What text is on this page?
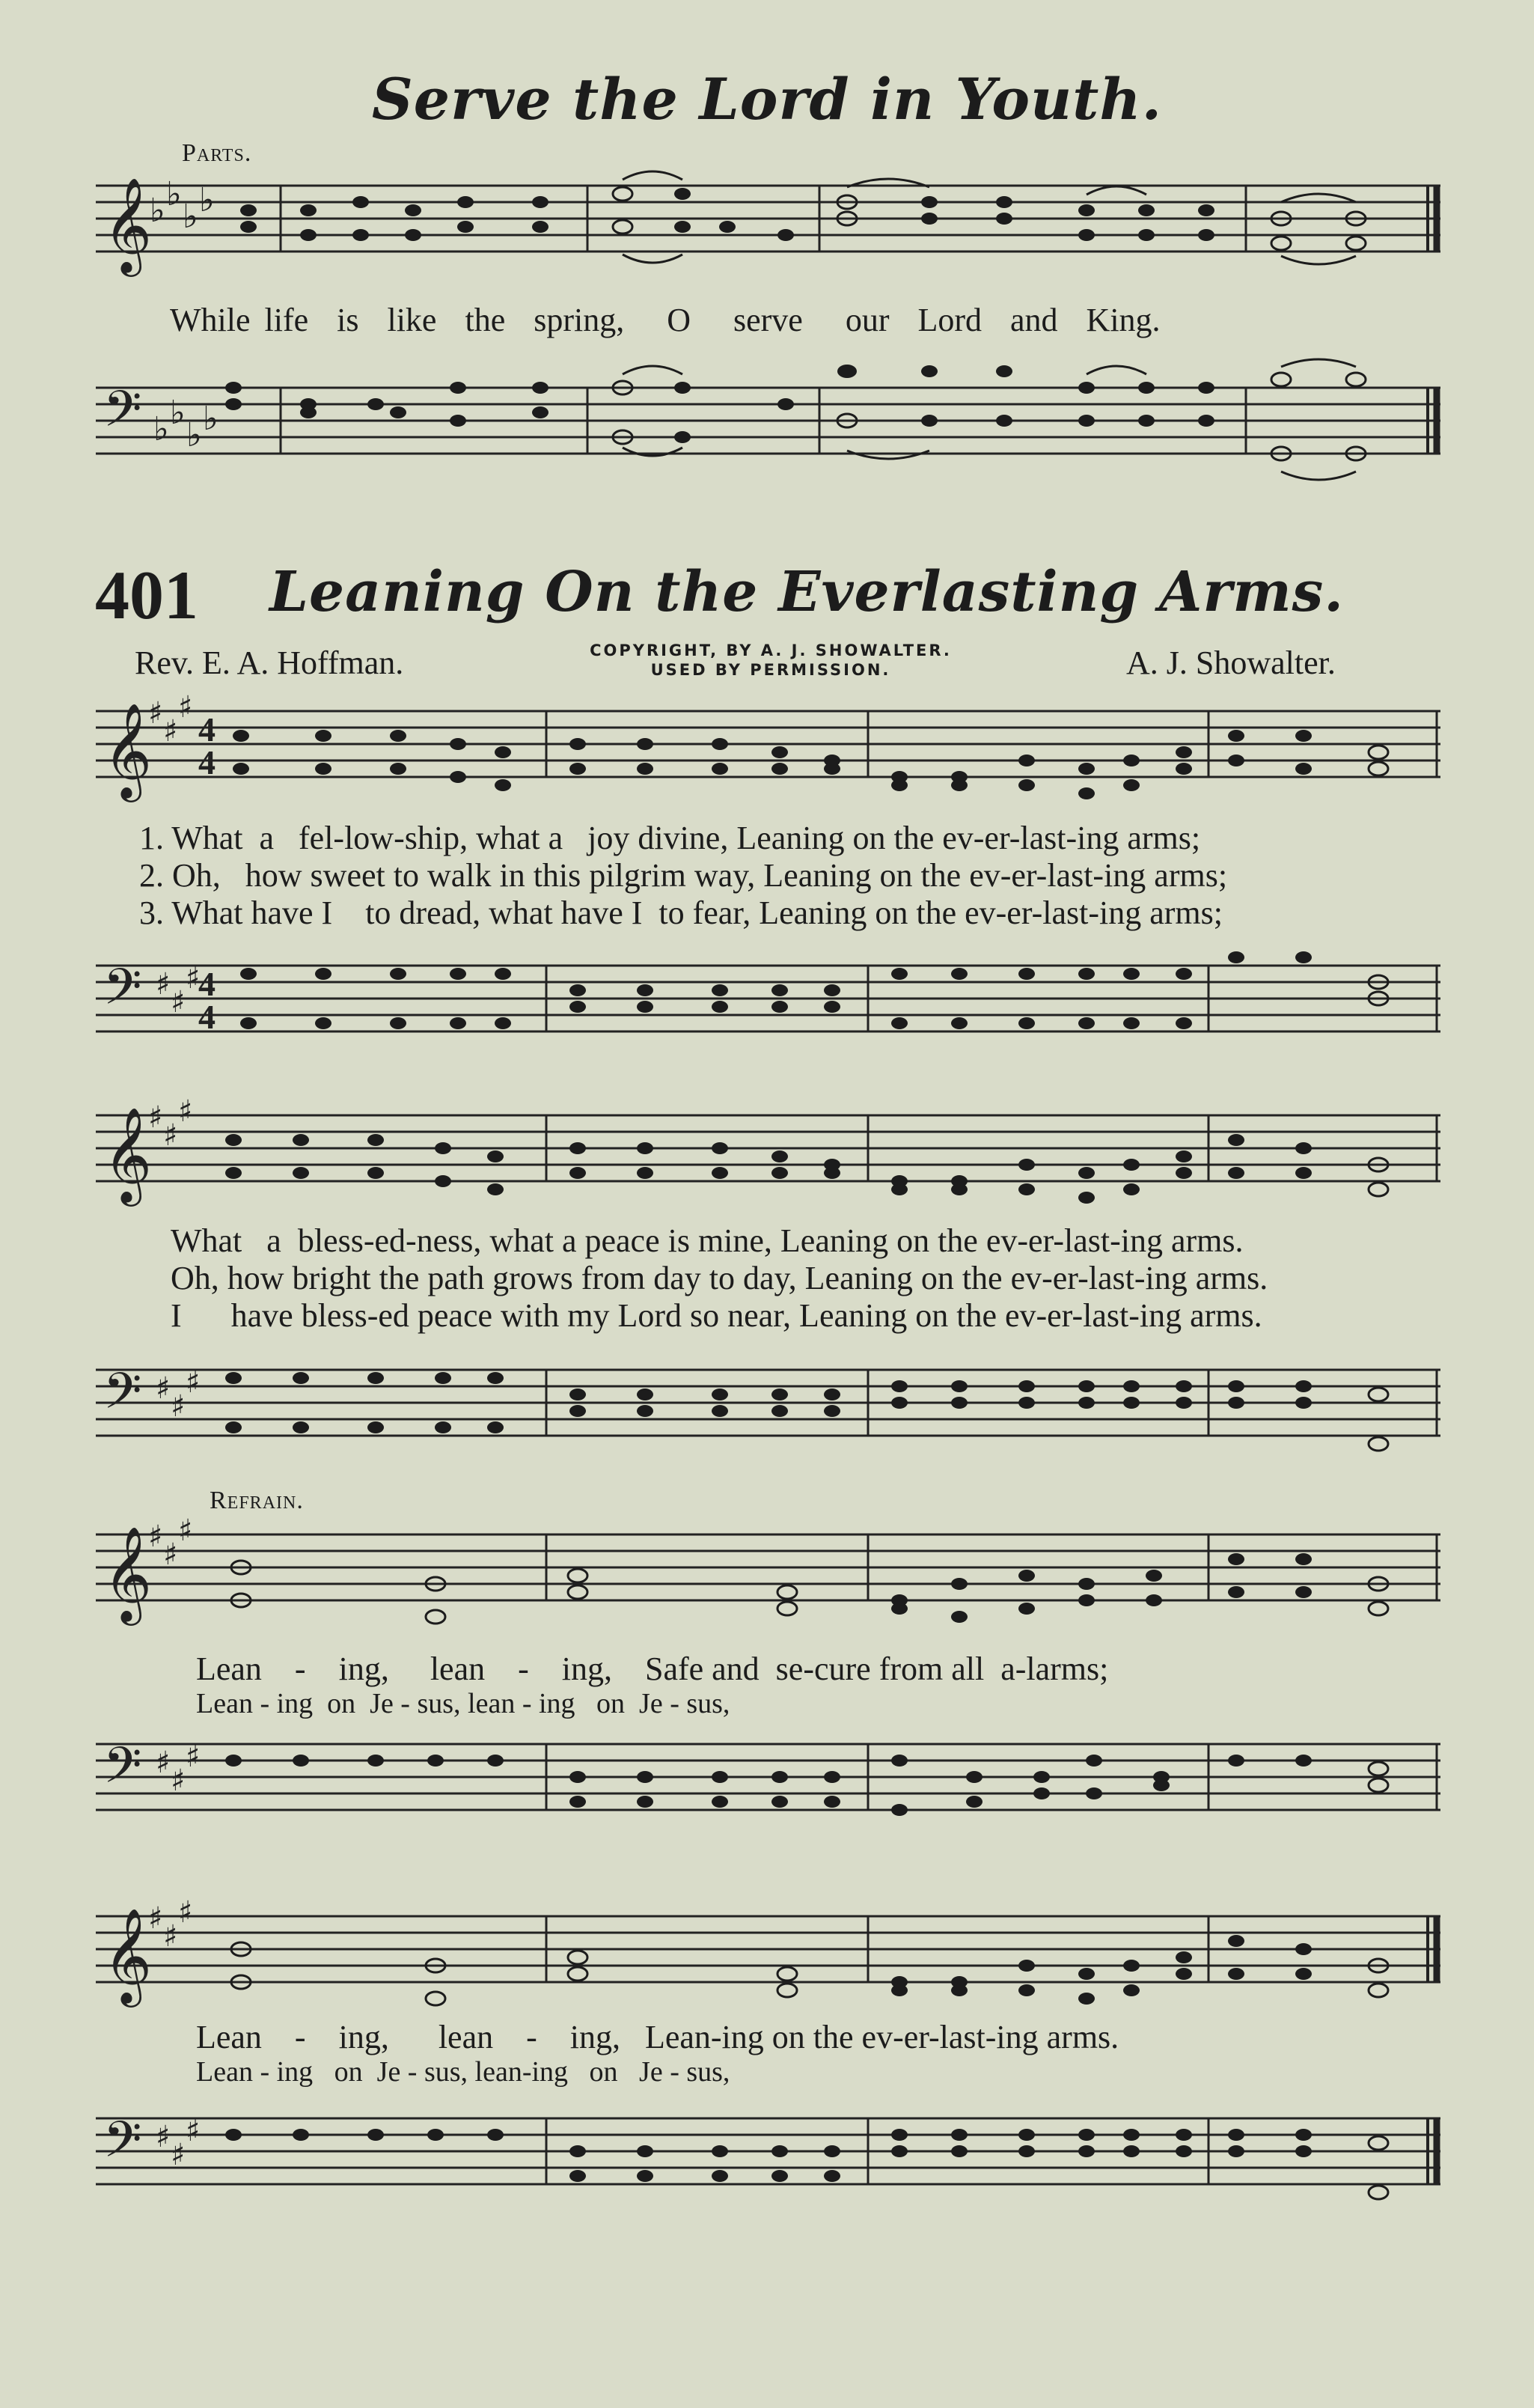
Serve the Lord in Youth.
Parts.
𝄞
♭ ♭
♭ ♭
While life  is  like  the  spring,   O   serve   our  Lord  and  King.
𝄢 ♭ ♭
♭ ♭
401 Leaning On the Everlasting Arms.
Rev. E. A. Hoffman.	COPYRIGHT, BY A. J. SHOWALTER.
USED BY PERMISSION.	A. J. Showalter.
𝄞
♯
♯
♯
4
4
1. What  a   fel-low-ship, what a   joy divine, Leaning on the ev-er-last-ing arms;
2. Oh,   how sweet to walk in this pilgrim way, Leaning on the ev-er-last-ing arms;
3. What have I    to dread, what have I  to fear, Leaning on the ev-er-last-ing arms;
𝄢 ♯
♯
♯
4
4
𝄞
♯
♯
♯
What   a  bless-ed-ness, what a peace is mine, Leaning on the ev-er-last-ing arms.
Oh, how bright the path grows from day to day, Leaning on the ev-er-last-ing arms.
I      have bless-ed peace with my Lord so near, Leaning on the ev-er-last-ing arms.
𝄢 ♯
♯
♯
Refrain.
𝄞
♯
♯
♯
Lean    -    ing,     lean    -    ing,    Safe and  se-cure from all  a-larms;
Lean - ing  on  Je - sus, lean - ing   on  Je - sus,
𝄢 ♯
♯
♯
𝄞
♯
♯
♯
Lean    -    ing,      lean    -    ing,   Lean-ing on the ev-er-last-ing arms.
Lean - ing   on  Je - sus, lean-ing   on   Je - sus,
𝄢 ♯
♯
♯
